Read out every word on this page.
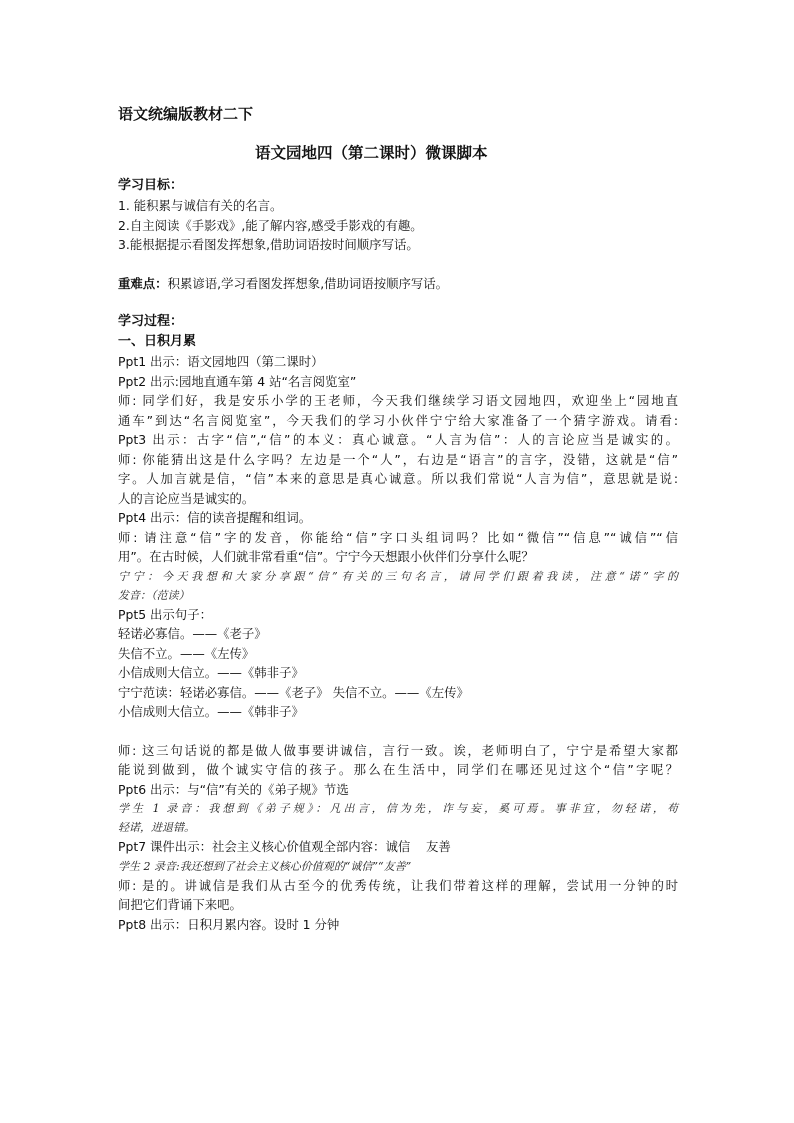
语文统编版教材二下
语文园地四（第二课时）微课脚本
学习目标：
1. 能积累与诚信有关的名言。
2.自主阅读《手影戏》,能了解内容,感受手影戏的有趣。
3.能根据提示看图发挥想象,借助词语按时间顺序写话。
重难点：积累谚语,学习看图发挥想象,借助词语按顺序写话。
学习过程：
一、日积月累
Ppt1 出示：语文园地四（第二课时）
Ppt2 出示:园地直通车第 4 站“名言阅览室”
师: 同学们好，我是安乐小学的王老师，今天我们继续学习语文园地四，欢迎坐上“园地直
通车”到达“名言阅览室”，今天我们的学习小伙伴宁宁给大家准备了一个猜字游戏。请看:
Ppt3 出示：古字“信”,“信”的本义：真心诚意。“人言为信”：人的言论应当是诚实的。
师: 你能猜出这是什么字吗？左边是一个“人”，右边是“语言”的言字，没错，这就是“信”
字。人加言就是信，“信”本来的意思是真心诚意。所以我们常说“人言为信”，意思就是说:
人的言论应当是诚实的。
Ppt4 出示：信的读音提醒和组词。
师: 请注意“信”字的发音，你能给“信”字口头组词吗？比如“微信”“信息”“诚信”“信
用”。在古时候，人们就非常看重“信”。宁宁今天想跟小伙伴们分享什么呢？
宁宁：今天我想和大家分享跟“信”有关的三句名言，请同学们跟着我读，注意“诺”字的
发音：（范读）
Ppt5 出示句子：
轻诺必寡信。——《老子》
失信不立。——《左传》
小信成则大信立。——《韩非子》
宁宁范读：轻诺必寡信。——《老子》 失信不立。——《左传》
小信成则大信立。——《韩非子》
师: 这三句话说的都是做人做事要讲诚信，言行一致。诶，老师明白了，宁宁是希望大家都
能说到做到，做个诚实守信的孩子。那么在生活中，同学们在哪还见过这个“信”字呢？
Ppt6 出示：与“信”有关的《弟子规》节选
学生 1 录音：我想到《弟子规》：凡出言，信为先，诈与妄，奚可焉。事非宜，勿轻诺，苟
轻诺，进退错。
Ppt7 课件出示：社会主义核心价值观全部内容：诚信    友善
学生 2 录音:我还想到了社会主义核心价值观的“诚信”“友善”
师: 是的。讲诚信是我们从古至今的优秀传统，让我们带着这样的理解，尝试用一分钟的时
间把它们背诵下来吧。
Ppt8 出示：日积月累内容。设时 1 分钟
